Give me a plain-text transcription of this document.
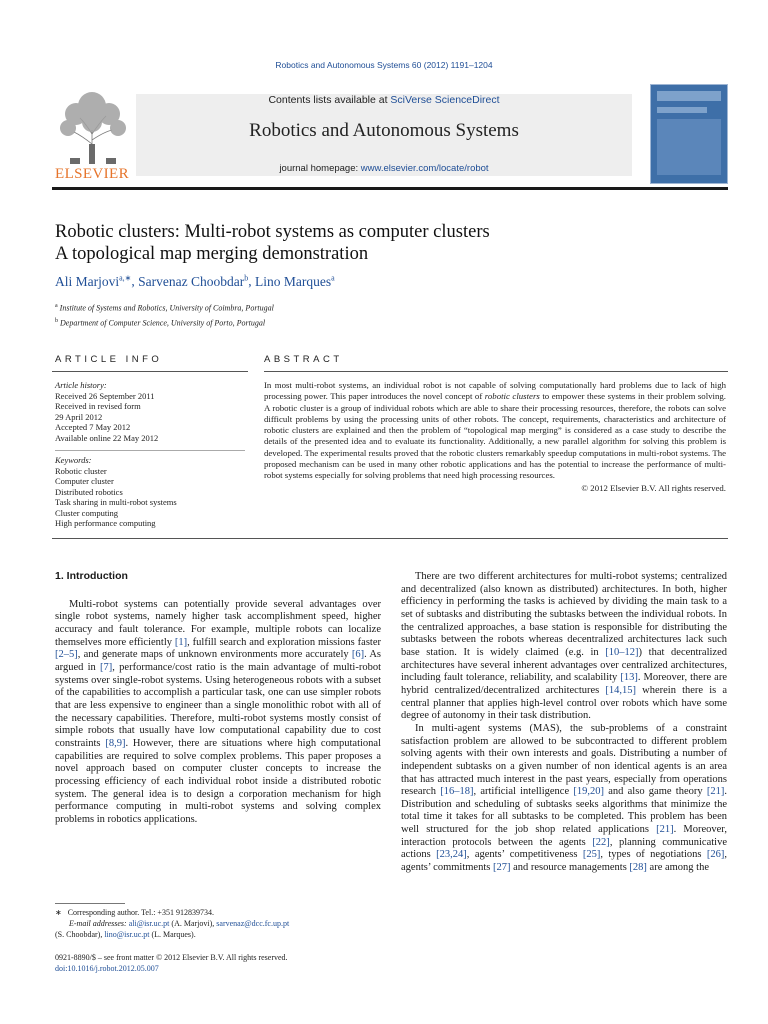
Robotics and Autonomous Systems 60 (2012) 1191–1204
ELSEVIER
Contents lists available at SciVerse ScienceDirect
Robotics and Autonomous Systems
journal homepage: www.elsevier.com/locate/robot
Robotic clusters: Multi-robot systems as computer clusters
A topological map merging demonstration
Ali Marjovi$^{a,∗}$, Sarvenaz Choobdar$^b$, Lino Marques$^a$
$^a$ Institute of Systems and Robotics, University of Coimbra, Portugal
$^b$ Department of Computer Science, University of Porto, Portugal
ARTICLE INFO	ABSTRACT
Article history:
Received 26 September 2011
Received in revised form
29 April 2012
Accepted 7 May 2012
Available online 22 May 2012
Keywords:
Robotic cluster
Computer cluster
Distributed robotics
Task sharing in multi-robot systems
Cluster computing
High performance computing
In most multi-robot systems, an individual robot is not capable of solving computationally hard problems due to lack of high processing power. This paper introduces the novel concept of robotic clusters to empower these systems in their problem solving. A robotic cluster is a group of individual robots which are able to share their processing resources, therefore, the robots can solve difficult problems by using the processing units of other robots. The concept, requirements, characteristics and architecture of robotic clusters are explained and then the problem of “topological map merging” is considered as a case study to describe the details of the presented idea and to evaluate its functionality. Additionally, a new parallel algorithm for solving this problem is developed. The experimental results proved that the robotic clusters remarkably speedup computations in multi-robot systems. The proposed mechanism can be used in many other robotic applications and has the potential to increase the performance of multi-robot systems especially for solving problems that need high processing resources.
© 2012 Elsevier B.V. All rights reserved.
1. Introduction

Multi-robot systems can potentially provide several advantages over single robot systems, namely higher task accomplishment speed, higher accuracy and fault tolerance. For example, multiple robots can localize themselves more efficiently [1], fulfill search and exploration missions faster [2–5], and generate maps of unknown environments more accurately [6]. As argued in [7], performance/cost ratio is the main advantage of multi-robot systems over single-robot systems. Using heterogeneous robots with a subset of the capabilities to accomplish a particular task, one can use simpler robots that are less expensive to engineer than a single monolithic robot with all of the necessary capabilities. Therefore, multi-robot systems mostly consist of simple robots that usually have low computational capability due to cost constraints [8,9]. However, there are situations where high computational capabilities are required to solve complex problems. This paper proposes a novel approach based on computer cluster concepts to increase the processing efficiency of each individual robot inside a distributed robotic system. The general idea is to design a corporation mechanism for high performance computing in multi-robot systems and solving complex problems in robotics applications.

There are two different architectures for multi-robot systems; centralized and decentralized (also known as distributed) architectures. In both, higher efficiency in performing the tasks is achieved by dividing the main task to a set of subtasks and distributing the subtasks between the individual robots. In the centralized approaches, a base station is responsible for distributing the subtasks between the robots whereas decentralized architectures lack such base station. It is widely claimed (e.g. in [10–12]) that decentralized architectures have several inherent advantages over centralized architectures, including fault tolerance, reliability, and scalability [13]. Moreover, there are hybrid centralized/decentralized architectures [14,15] wherein there is a central planner that applies high-level control over robots which have some degree of autonomy in their task distribution.

In multi-agent systems (MAS), the sub-problems of a constraint satisfaction problem are allowed to be subcontracted to different problem solving agents with their own interests and goals. Distributing a number of independent subtasks on a given number of non identical agents is an area that has attracted much interest in the past years, especially from operations research [16–18], artificial intelligence [19,20] and also game theory [21]. Distribution and scheduling of subtasks seeks algorithms that minimize the total time it takes for all subtasks to be completed. This problem has been well structured for the job shop related applications [21]. Moreover, interaction protocols between the agents [22], planning communicative actions [23,24], agents’ competitiveness [25], types of negotiations [26], agents’ commitments [27] and resource managements [28] are among the

∗ Corresponding author. Tel.: +351 912839734.
E-mail addresses: ali@isr.uc.pt (A. Marjovi), sarvenaz@dcc.fc.up.pt
(S. Choobdar), lino@isr.uc.pt (L. Marques).
0921-8890/$ – see front matter © 2012 Elsevier B.V. All rights reserved.
doi:10.1016/j.robot.2012.05.007
